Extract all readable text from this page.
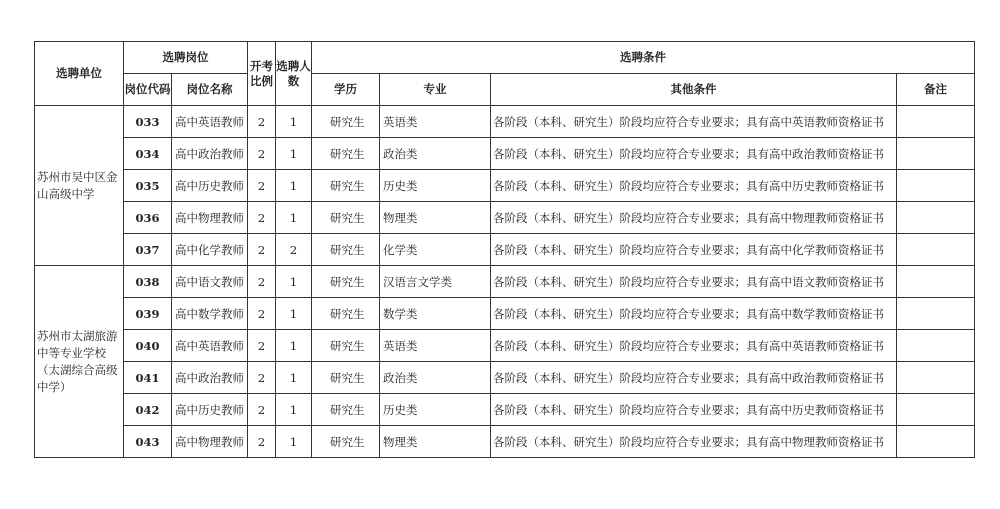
选聘单位	选聘岗位		开考比例	选聘人数	选聘条件			
	岗位代码	岗位名称			学历	专业	其他条件	备注
苏州市吴中区金山高级中学	033	高中英语教师	2	1	研究生	英语类	各阶段（本科、研究生）阶段均应符合专业要求；具有高中英语教师资格证书	
	034	高中政治教师	2	1	研究生	政治类	各阶段（本科、研究生）阶段均应符合专业要求；具有高中政治教师资格证书	
	035	高中历史教师	2	1	研究生	历史类	各阶段（本科、研究生）阶段均应符合专业要求；具有高中历史教师资格证书	
	036	高中物理教师	2	1	研究生	物理类	各阶段（本科、研究生）阶段均应符合专业要求；具有高中物理教师资格证书	
	037	高中化学教师	2	2	研究生	化学类	各阶段（本科、研究生）阶段均应符合专业要求；具有高中化学教师资格证书	
苏州市太湖旅游中等专业学校（太湖综合高级中学）	038	高中语文教师	2	1	研究生	汉语言文学类	各阶段（本科、研究生）阶段均应符合专业要求；具有高中语文教师资格证书	
	039	高中数学教师	2	1	研究生	数学类	各阶段（本科、研究生）阶段均应符合专业要求；具有高中数学教师资格证书	
	040	高中英语教师	2	1	研究生	英语类	各阶段（本科、研究生）阶段均应符合专业要求；具有高中英语教师资格证书	
	041	高中政治教师	2	1	研究生	政治类	各阶段（本科、研究生）阶段均应符合专业要求；具有高中政治教师资格证书	
	042	高中历史教师	2	1	研究生	历史类	各阶段（本科、研究生）阶段均应符合专业要求；具有高中历史教师资格证书	
	043	高中物理教师	2	1	研究生	物理类	各阶段（本科、研究生）阶段均应符合专业要求；具有高中物理教师资格证书	
